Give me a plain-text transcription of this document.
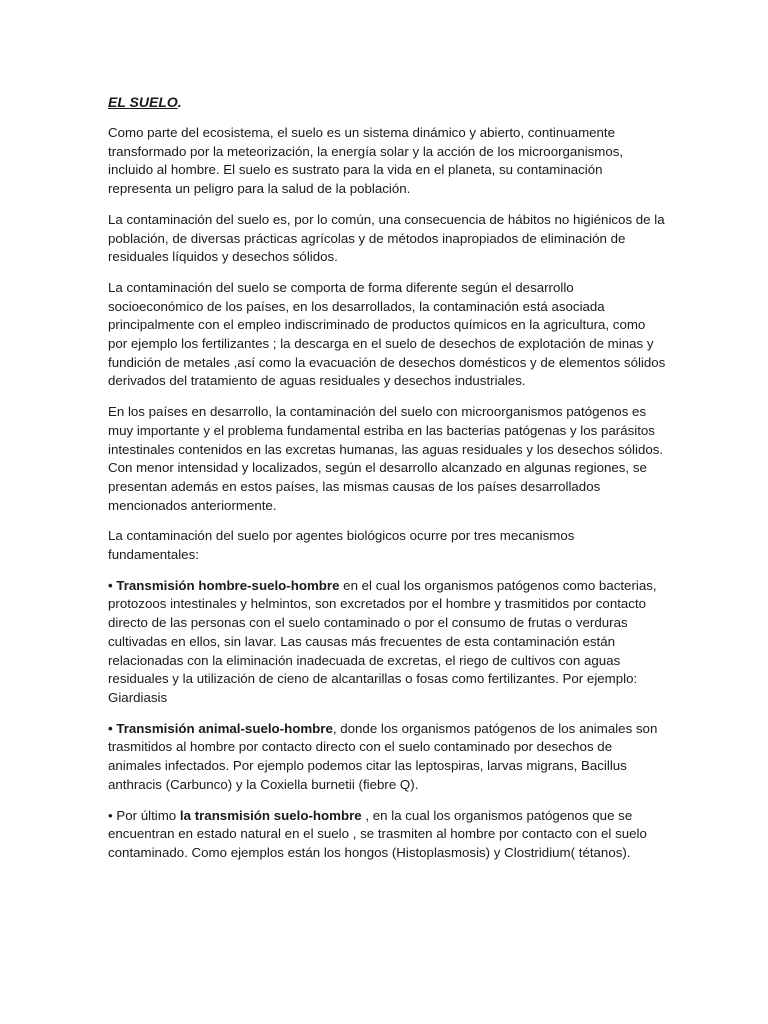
EL SUELO.

Como parte del ecosistema, el suelo es un sistema dinámico y abierto, continuamente transformado por la meteorización, la energía solar y la acción de los microorganismos, incluido al hombre. El suelo es sustrato para la vida en el planeta, su contaminación representa un peligro para la salud de la población.

La contaminación del suelo es, por lo común, una consecuencia de hábitos no higiénicos de la población, de diversas prácticas agrícolas y de métodos inapropiados de eliminación de residuales líquidos y desechos sólidos.

La contaminación del suelo se comporta de forma diferente según el desarrollo socioeconómico de los países, en los desarrollados, la contaminación está asociada principalmente con el empleo indiscriminado de productos químicos en la agricultura, como por ejemplo los fertilizantes ; la descarga en el suelo de desechos de explotación de minas y fundición de metales ,así como la evacuación de desechos domésticos y de elementos sólidos derivados del tratamiento de aguas residuales y desechos industriales.

En los países en desarrollo, la contaminación del suelo con microorganismos patógenos es muy importante y el problema fundamental estriba en las bacterias patógenas y los parásitos intestinales contenidos en las excretas humanas, las aguas residuales y los desechos sólidos. Con menor intensidad y localizados, según el desarrollo alcanzado en algunas regiones, se presentan además en estos países, las mismas causas de los países desarrollados mencionados anteriormente.

La contaminación del suelo por agentes biológicos ocurre por tres mecanismos fundamentales:

• Transmisión hombre-suelo-hombre en el cual los organismos patógenos como bacterias, protozoos intestinales y helmintos, son excretados por el hombre y trasmitidos por contacto directo de las personas con el suelo contaminado o por el consumo de frutas o verduras cultivadas en ellos, sin lavar. Las causas más frecuentes de esta contaminación están relacionadas con la eliminación inadecuada de excretas, el riego de cultivos con aguas residuales y la utilización de cieno de alcantarillas o fosas como fertilizantes. Por ejemplo: Giardiasis

• Transmisión animal-suelo-hombre, donde los organismos patógenos de los animales son trasmitidos al hombre por contacto directo con el suelo contaminado por desechos de animales infectados. Por ejemplo podemos citar las leptospiras, larvas migrans, Bacillus anthracis (Carbunco) y la Coxiella burnetii (fiebre Q).

• Por último la transmisión suelo-hombre , en la cual los organismos patógenos que se encuentran en estado natural en el suelo , se trasmiten al hombre por contacto con el suelo contaminado. Como ejemplos están los hongos (Histoplasmosis) y Clostridium( tétanos).
